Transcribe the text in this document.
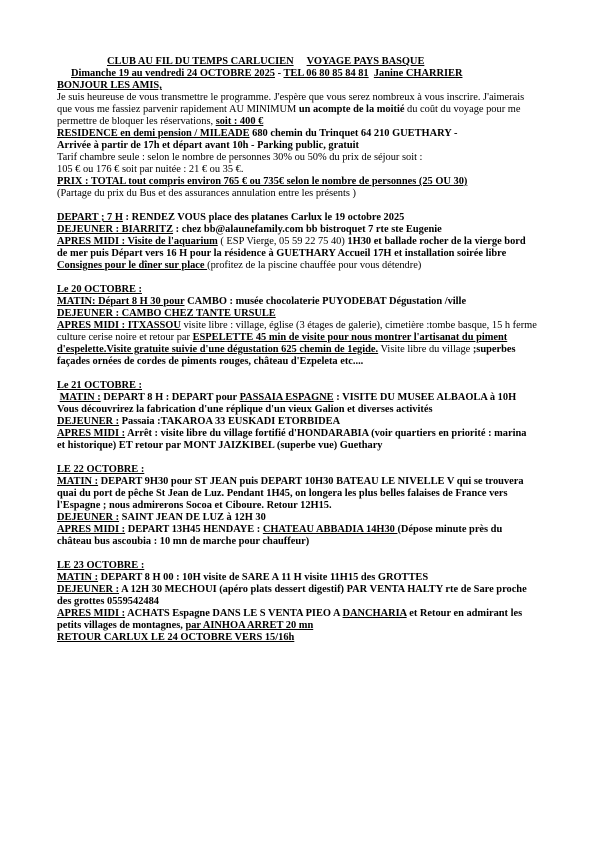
CLUB AU FIL DU TEMPS CARLUCIEN VOYAGE PAYS BASQUE

Dimanche 19 au vendredi 24 OCTOBRE 2025 - TEL 06 80 85 84 81 Janine CHARRIER

BONJOUR LES AMIS,

Je suis heureuse de vous transmettre le programme. J'espère que vous serez nombreux à vous inscrire. J'aimerais que vous me fassiez parvenir rapidement AU MINIMUM un acompte de la moitié du coût du voyage pour me permettre de bloquer les réservations, soit : 400 €

RESIDENCE en demi pension / MILEADE 680 chemin du Trinquet 64 210 GUETHARY -

Arrivée à partir de 17h et départ avant 10h - Parking public, gratuit

Tarif chambre seule : selon le nombre de personnes 30% ou 50% du prix de séjour soit :

105 € ou 176 € soit par nuitée : 21 € ou 35 €.

PRIX : TOTAL tout compris environ 765 € ou 735€ selon le nombre de personnes (25 OU 30)

(Partage du prix du Bus et des assurances annulation entre les présents )

DEPART ; 7 H : RENDEZ VOUS place des platanes Carlux le 19 octobre 2025

DEJEUNER : BIARRITZ : chez bb@alaunefamily.com bb bistroquet 7 rte ste Eugenie

APRES MIDI : Visite de l'aquarium ( ESP Vierge, 05 59 22 75 40) 1H30 et ballade rocher de la vierge bord de mer puis Départ vers 16 H pour la résidence à GUETHARY Accueil 17H et installation soirée libre Consignes pour le dîner sur place (profitez de la piscine chauffée pour vous détendre)

Le 20 OCTOBRE :

MATIN: Départ 8 H 30 pour CAMBO : musée chocolaterie PUYODEBAT Dégustation /ville

DEJEUNER : CAMBO CHEZ TANTE URSULE

APRES MIDI : ITXASSOU visite libre : village, église (3 étages de galerie), cimetière :tombe basque, 15 h ferme culture cerise noire et retour par ESPELETTE 45 min de visite pour nous montrer l'artisanat du piment d'espelette.Visite gratuite suivie d'une dégustation 625 chemin de 1egide. Visite libre du village ;superbes façades ornées de cordes de piments rouges, château d'Ezpeleta etc....

Le 21 OCTOBRE :

MATIN : DEPART 8 H : DEPART pour PASSAIA ESPAGNE : VISITE DU MUSEE ALBAOLA à 10H Vous découvrirez la fabrication d'une réplique d'un vieux Galion et diverses activités

DEJEUNER : Passaia :TAKAROA 33 EUSKADI ETORBIDEA

APRES MIDI : Arrêt : visite libre du village fortifié d'HONDARABIA (voir quartiers en priorité : marina et historique) ET retour par MONT JAIZKIBEL (superbe vue) Guethary

LE 22 OCTOBRE :

MATIN : DEPART 9H30 pour ST JEAN puis DEPART 10H30 BATEAU LE NIVELLE V qui se trouvera quai du port de pêche St Jean de Luz. Pendant 1H45, on longera les plus belles falaises de France vers l'Espagne ; nous admirerons Socoa et Ciboure. Retour 12H15.

DEJEUNER : SAINT JEAN DE LUZ à 12H 30

APRES MIDI : DEPART 13H45 HENDAYE : CHATEAU ABBADIA 14H30 (Dépose minute près du château bus ascoubia : 10 mn de marche pour chauffeur)

LE 23 OCTOBRE :

MATIN : DEPART 8 H 00 : 10H visite de SARE A 11 H visite 11H15 des GROTTES

DEJEUNER : A 12H 30 MECHOUI (apéro plats dessert digestif) PAR VENTA HALTY rte de Sare proche des grottes 0559542484

APRES MIDI : ACHATS Espagne DANS LE S VENTA PIEO A DANCHARIA et Retour en admirant les petits villages de montagnes, par AINHOA ARRET 20 mn

RETOUR CARLUX LE 24 OCTOBRE VERS 15/16h
